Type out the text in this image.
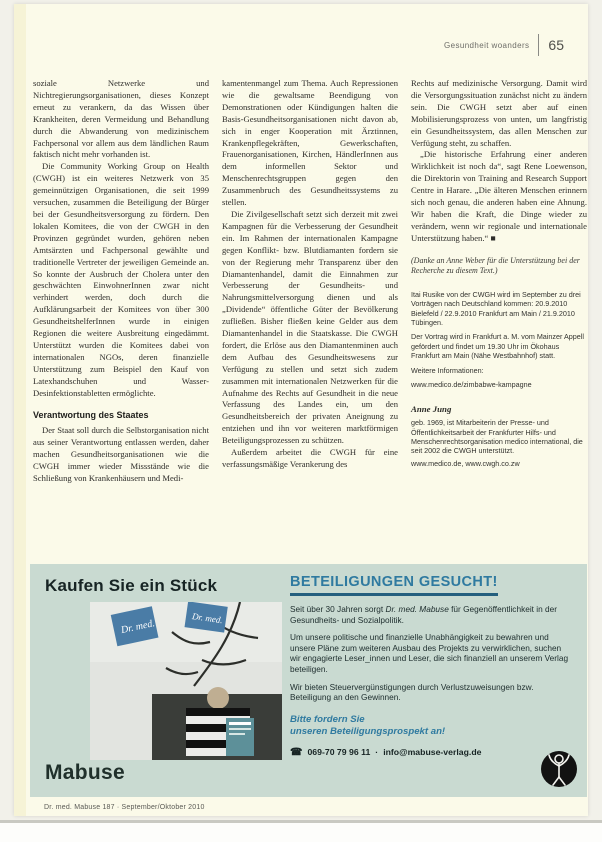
Gesundheit woanders 65

soziale Netzwerke und Nichtregierungsorganisationen, dieses Konzept erneut zu verankern, da das Wissen über Krankheiten, deren Vermeidung und Behandlung durch die Abwanderung von medizinischem Fachpersonal vor allem aus dem ländlichen Raum faktisch nicht mehr vorhanden ist.

Die Community Working Group on Health (CWGH) ist ein weiteres Netzwerk von 35 gemeinnützigen Organisationen, die seit 1999 versuchen, zusammen die Beteiligung der Bürger bei der Gesundheitsversorgung zu fördern. Den lokalen Komitees, die von der CWGH in den Provinzen gegründet wurden, gehören neben Amtsärzten und Fachpersonal gewählte und traditionelle Vertreter der jeweiligen Gemeinde an. So konnte der Ausbruch der Cholera unter den geschwächten EinwohnerInnen zwar nicht verhindert werden, doch durch die Aufklärungsarbeit der Komitees von über 300 GesundheitshelferInnen wurde in einigen Regionen die weitere Ausbreitung eingedämmt. Unterstützt wurden die Komitees dabei von internationalen NGOs, deren finanzielle Unterstützung zum Beispiel den Kauf von Latexhandschuhen und Wasser-Desinfektionstabletten ermöglichte.

Verantwortung des Staates

Der Staat soll durch die Selbstorganisation nicht aus seiner Verantwortung entlassen werden, daher machen Gesundheitsorganisationen wie die CWGH immer wieder Missstände wie die Schließung von Krankenhäusern und Medi-

kamentenmangel zum Thema. Auch Repressionen wie die gewaltsame Beendigung von Demonstrationen oder Kündigungen halten die Basis-Gesundheitsorganisationen nicht davon ab, sich in enger Kooperation mit Ärztinnen, Krankenpflegekräften, Gewerkschaften, Frauenorganisationen, Kirchen, HändlerInnen aus dem informellen Sektor und Menschenrechtsgruppen gegen den Zusammenbruch des Gesundheitssystems zu stellen.

Die Zivilgesellschaft setzt sich derzeit mit zwei Kampagnen für die Verbesserung der Gesundheit ein. Im Rahmen der internationalen Kampagne gegen Konflikt- bzw. Blutdiamanten fordern sie von der Regierung mehr Transparenz über den Diamantenhandel, damit die Einnahmen zur Verbesserung der Gesundheits- und Nahrungsmittelversorgung dienen und als „Dividende“ öffentliche Güter der Bevölkerung zufließen. Bisher fließen keine Gelder aus dem Diamantenhandel in die Staatskasse. Die CWGH fordert, die Erlöse aus den Diamantenminen auch dem Aufbau des Gesundheitswesens zur Verfügung zu stellen und setzt sich zudem zusammen mit internationalen Netzwerken für die Aufnahme des Rechts auf Gesundheit in die neue Verfassung des Landes ein, um den Gesundheitsbereich der privaten Aneignung zu entziehen und ihn vor weiteren marktförmigen Beteiligungsprozessen zu schützen.

Außerdem arbeitet die CWGH für eine verfassungsmäßige Verankerung des

Rechts auf medizinische Versorgung. Damit wird die Versorgungssituation zunächst nicht zu ändern sein. Die CWGH setzt aber auf einen Mobilisierungsprozess von unten, um langfristig ein Gesundheitssystem, das allen Menschen zur Verfügung steht, zu schaffen.

„Die historische Erfahrung einer anderen Wirklichkeit ist noch da“, sagt Rene Loewenson, die Direktorin von Training and Research Support Centre in Harare. „Die älteren Menschen erinnern sich noch genau, die anderen haben eine Ahnung. Wir haben die Kraft, die Dinge wieder zu verändern, wenn wir regionale und internationale Unterstützung haben.“ ■

(Danke an Anne Weber für die Unterstützung bei der Recherche zu diesem Text.)

Itai Rusike von der CWGH wird im September zu drei Vorträgen nach Deutschland kommen: 20.9.2010 Bielefeld / 22.9.2010 Frankfurt am Main / 21.9.2010 Tübingen.
Der Vortrag wird in Frankfurt a. M. vom Mainzer Appell gefördert und findet um 19.30 Uhr im Ökohaus Frankfurt am Main (Nähe Westbahnhof) statt.
Weitere Informationen:
www.medico.de/zimbabwe-kampagne
Anne Jung
geb. 1969, ist Mitarbeiterin der Presse- und Öffentlichkeitsarbeit der Frankfurter Hilfs- und Menschenrechtsorganisation medico international, die seit 2002 die CWGH unterstützt.
www.medico.de, www.cwgh.co.zw
Kaufen Sie ein Stück
Dr. med.	Dr. med.
Mabuse
BETEILIGUNGEN GESUCHT!

Seit über 30 Jahren sorgt Dr. med. Mabuse für Gegenöffentlichkeit in der Gesundheits- und Sozialpolitik.

Um unsere politische und finanzielle Unabhängigkeit zu bewahren und unsere Pläne zum weiteren Ausbau des Projekts zu verwirklichen, suchen wir engagierte Leser_innen und Leser, die sich finanziell an unserem Verlag beteiligen.

Wir bieten Steuervergünstigungen durch Verlustzuweisungen bzw. Beteiligung an den Gewinnen.

Bitte fordern Sie
unseren Beteiligungsprospekt an!
☎ 069-70 79 96 11 · info@mabuse-verlag.de
Dr. med. Mabuse 187 · September/Oktober 2010
